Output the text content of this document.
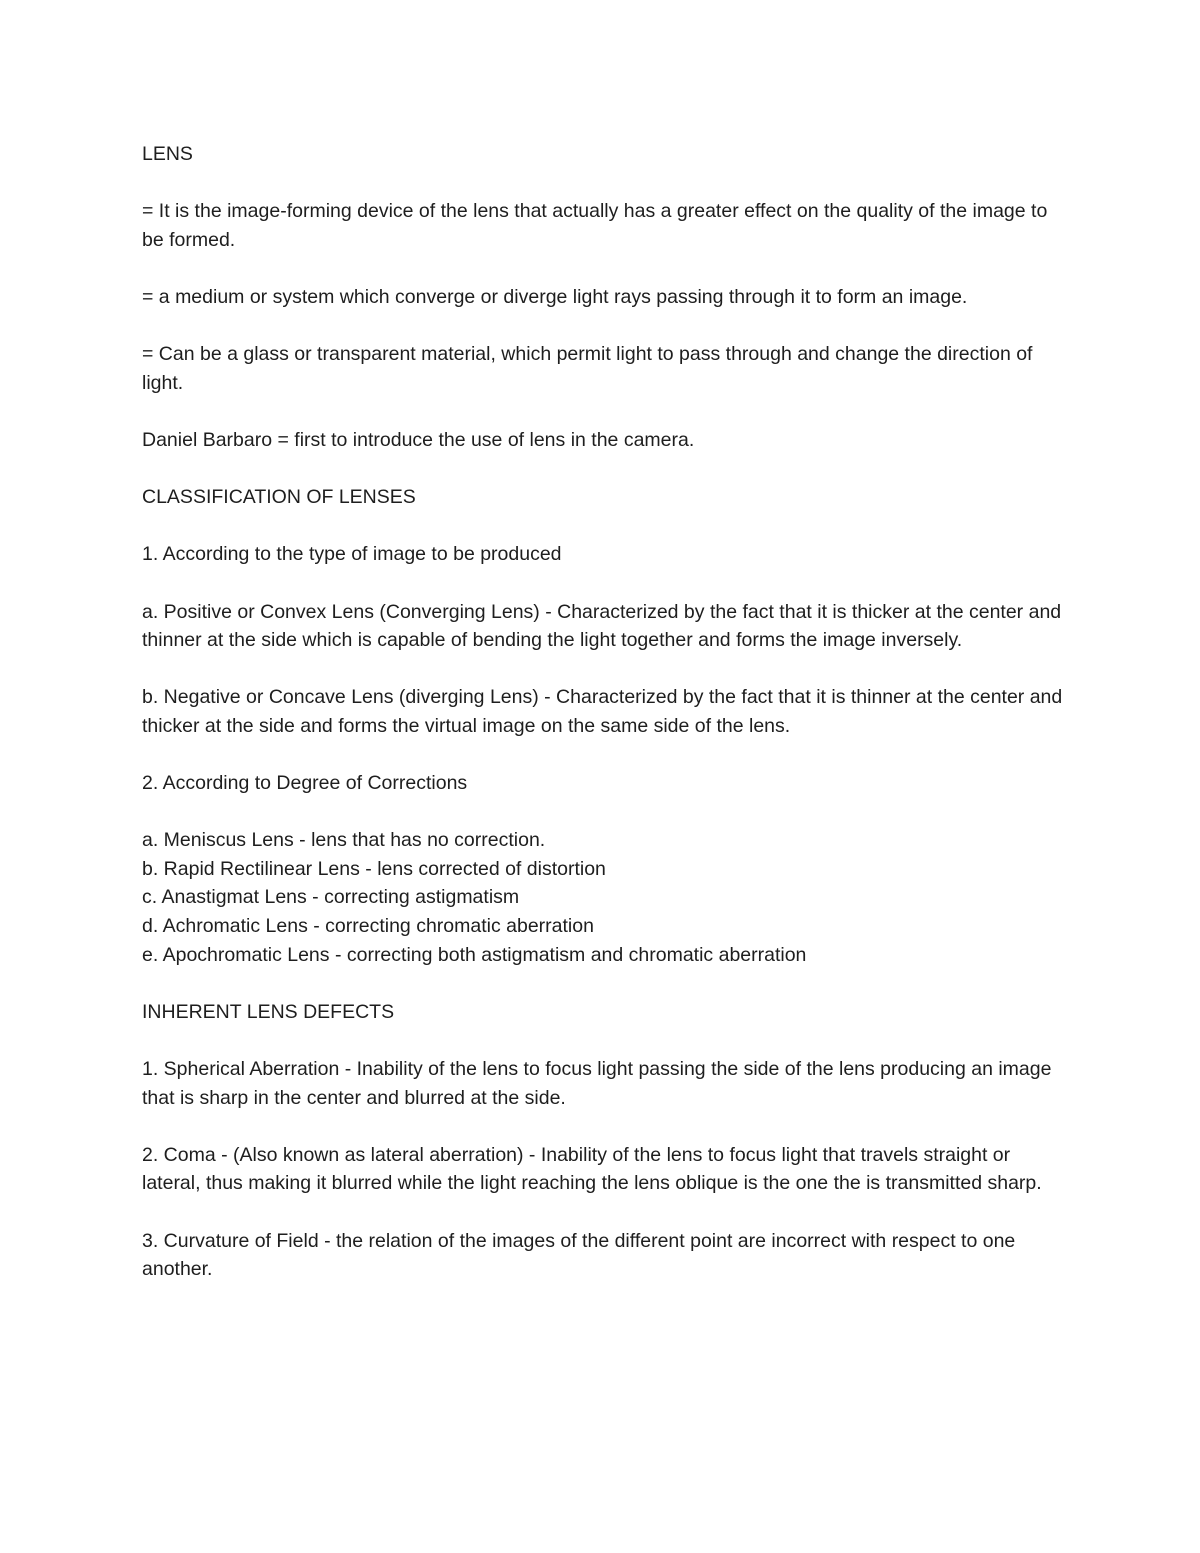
LENS

= It is the image-forming device of the lens that actually has a greater effect on the quality of the image to be formed.

= a medium or system which converge or diverge light rays passing through it to form an image.

= Can be a glass or transparent material, which permit light to pass through and change the direction of light.

Daniel Barbaro = first to introduce the use of lens in the camera.

CLASSIFICATION OF LENSES

1. According to the type of image to be produced

a. Positive or Convex Lens (Converging Lens) - Characterized by the fact that it is thicker at the center and thinner at the side which is capable of bending the light together and forms the image inversely.

b. Negative or Concave Lens (diverging Lens) - Characterized by the fact that it is thinner at the center and thicker at the side and forms the virtual image on the same side of the lens.

2. According to Degree of Corrections

a. Meniscus Lens - lens that has no correction.

b. Rapid Rectilinear Lens - lens corrected of distortion

c. Anastigmat Lens - correcting astigmatism

d. Achromatic Lens - correcting chromatic aberration

e. Apochromatic Lens - correcting both astigmatism and chromatic aberration

INHERENT LENS DEFECTS

1. Spherical Aberration - Inability of the lens to focus light passing the side of the lens producing an image that is sharp in the center and blurred at the side.

2. Coma - (Also known as lateral aberration) - Inability of the lens to focus light that travels straight or lateral, thus making it blurred while the light reaching the lens oblique is the one the is transmitted sharp.

3. Curvature of Field - the relation of the images of the different point are incorrect with respect to one another.
